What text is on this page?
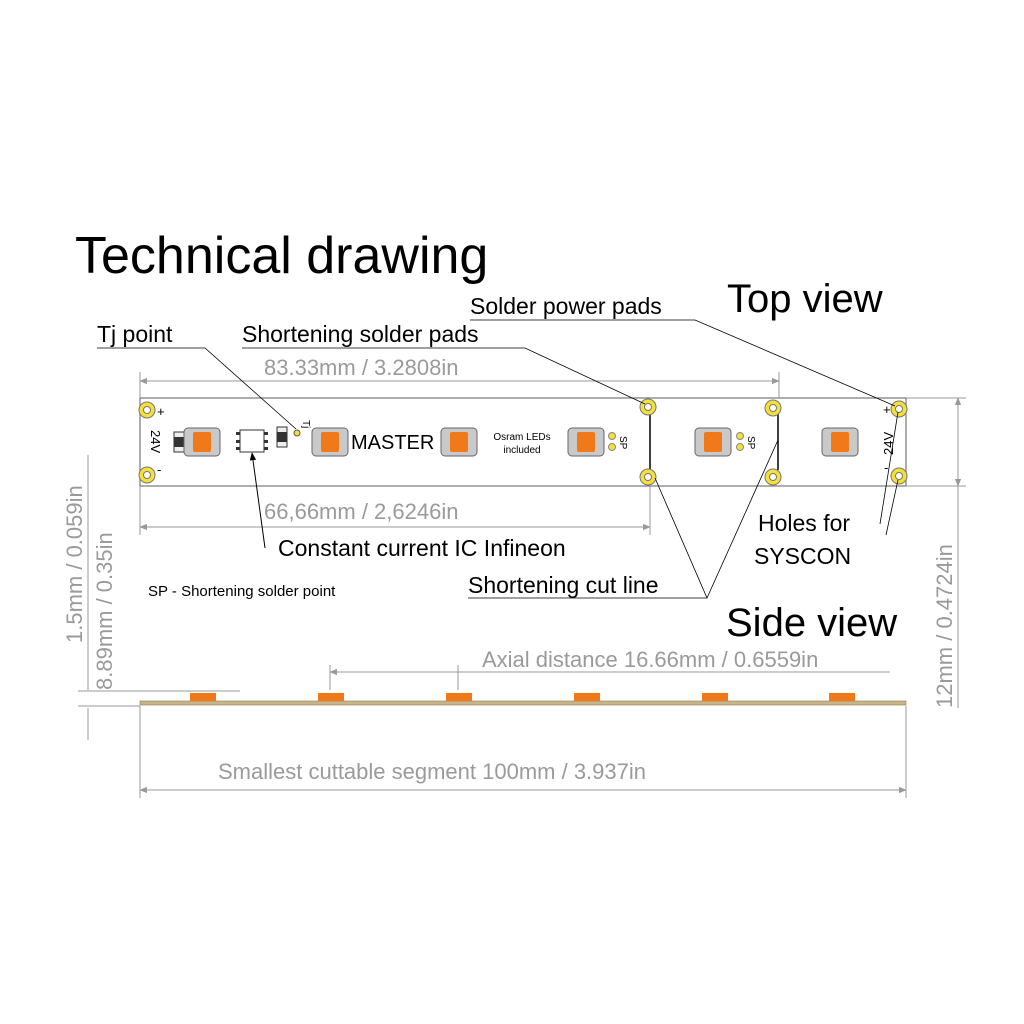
Technical drawing
Top view
Side view
24V
+
-
24V
+
-
Tj
SP	SP
MASTER	Osram LEDs
included
83.33mm / 3.2808in
66,66mm / 2,6246in
12mm / 0.4724in
1.5mm / 0.059in 8.89mm / 0.35in	Axial distance 16.66mm / 0.6559in
Smallest cuttable segment 100mm / 3.937in
Tj point	Shortening solder pads
Solder power pads
Constant current IC Infineon
Holes for
SYSCON
Shortening cut line
SP - Shortening solder point
